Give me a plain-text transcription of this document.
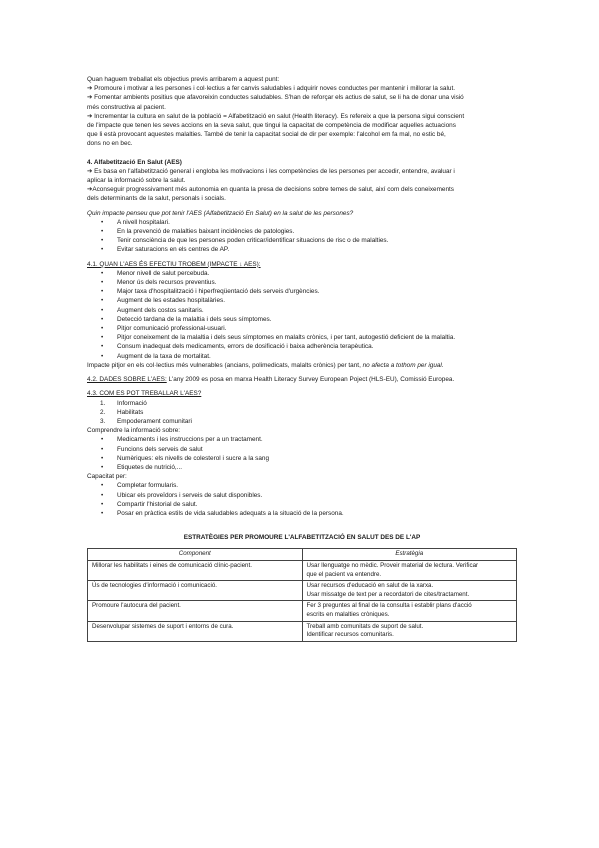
Quan haguem treballat els objectius previs arribarem a aquest punt:

➔ Promoure i motivar a les persones i col·lectius a fer canvis saludables i adquirir noves conductes per mantenir i millorar la salut.

➔ Fomentar ambients positius que afavoreixin conductes saludables. S'han de reforçar els actius de salut, se li ha de donar una visió

més constructiva al pacient.

➔ Incrementar la cultura en salut de la població = Alfabetització en salut (Health literacy). Es refereix a que la persona sigui conscient

de l'impacte que tenen les seves accions en la seva salut, que tingui la capacitat de competència de modificar aquelles actuacions

que li està provocant aquestes malalties. També de tenir la capacitat social de dir per exemple: l'alcohol em fa mal, no estic bé,

dons no en bec.

4. Alfabetització En Salut (AES)

➔ Es basa en l'alfabetització general i engloba les motivacions i les competències de les persones per accedir, entendre, avaluar i

aplicar la informació sobre la salut.

➔Aconseguir progressivament més autonomia en quanta la presa de decisions sobre temes de salut, així com dels coneixements

dels determinants de la salut, personals i socials.

Quin impacte penseu que pot tenir l'AES (Alfabetització En Salut) en la salut de les persones?

• A nivell hospitalari.
• En la prevenció de malalties baixant incidències de patologies.
• Tenir consciència de que les persones poden criticar/identificar situacions de risc o de malalties.
• Evitar saturacions en els centres de AP.

4.1. QUAN L'AES ÉS EFECTIU TROBEM (IMPACTE ↓ AES):

• Menor nivell de salut percebuda.
• Menor ús dels recursos preventius.
• Major taxa d'hospitalització i hiperfreqüentació dels serveis d'urgències.
• Augment de les estades hospitalàries.
• Augment dels costos sanitaris.
• Detecció tardana de la malaltia i dels seus símptomes.
• Pitjor comunicació professional-usuari.
• Pitjor coneixement de la malaltia i dels seus símptomes en malalts crònics, i per tant, autogestió deficient de la malaltia.
• Consum inadequat dels medicaments, errors de dosificació i baixa adherència terapèutica.
• Augment de la taxa de mortalitat.

Impacte pitjor en els col·lectius més vulnerables (ancians, polimedicats, malalts crònics) per tant, no afecta a tothom per igual.

4.2. DADES SOBRE L'AES: L'any 2009 es posa en marxa Health Literacy Survey European Poject (HLS-EU), Comissió Europea.

4.3. COM ES POT TREBALLAR L'AES?

1. Informació
2. Habilitats
3. Empoderament comunitari

Comprendre la informació sobre:

• Medicaments i les instruccions per a un tractament.
• Funcions dels serveis de salut
• Numèriques: els nivells de colesterol i sucre a la sang
• Etiquetes de nutrició,...

Capacitat per:

• Completar formularis.
• Ubicar els proveïdors i serveis de salut disponibles.
• Compartir l'historial de salut.
• Posar en pràctica estils de vida saludables adequats a la situació de la persona.

ESTRATÈGIES PER PROMOURE L'ALFABETITZACIÓ EN SALUT DES DE L'AP

Component	Estratègia
Millorar les habilitats i eines de comunicació clínic-pacient.	Usar llenguatge no mèdic. Proveir material de lectura. Verificar
que el pacient va entendre.

Ús de tecnologies d'informació i comunicació.	Usar recursos d'educació en salut de la xarxa.
Usar missatge de text per a recordatori de cites/tractament.

Promoure l'autocura del pacient.	Fer 3 preguntes al final de la consulta i establir plans d'acció
escrits en malalties cròniques.

Desenvolupar sistemes de suport i entorns de cura.	Treball amb comunitats de suport de salut.
Identificar recursos comunitaris.
